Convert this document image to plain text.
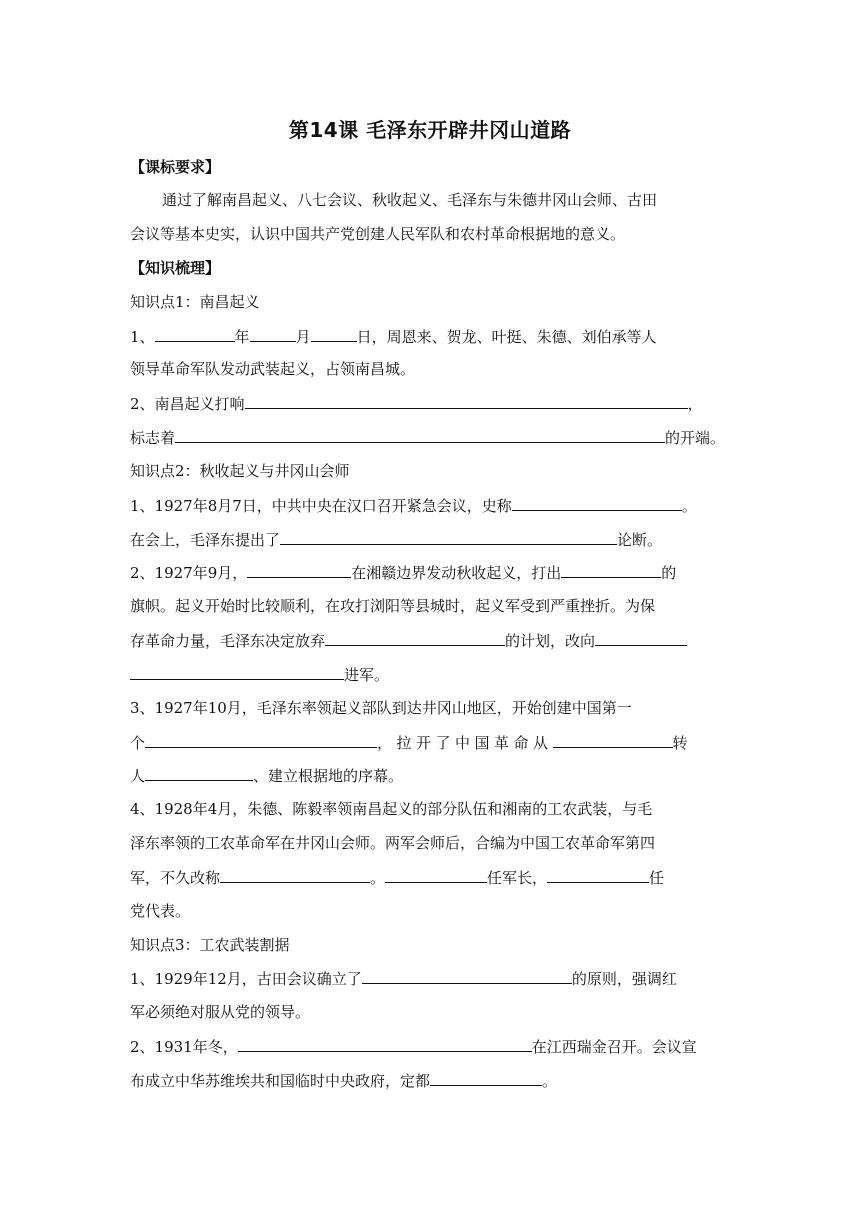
第14课 毛泽东开辟井冈山道路
【课标要求】
通过了解南昌起义、八七会议、秋收起义、毛泽东与朱德井冈山会师、古田
会议等基本史实，认识中国共产党创建人民军队和农村革命根据地的意义。
【知识梳理】
知识点1：南昌起义
1、	年	月	日，周恩来、贺龙、叶挺、朱德、刘伯承等人
领导革命军队发动武装起义，占领南昌城。
2、南昌起义打响	，
标志着	的开端。
知识点2：秋收起义与井冈山会师
1、1927年8月7日，中共中央在汉口召开紧急会议，史称	。
在会上，毛泽东提出了	论断。
2、1927年9月，	在湘赣边界发动秋收起义，打出	的
旗帜。起义开始时比较顺利，在攻打浏阳等县城时，起义军受到严重挫折。为保
存革命力量，毛泽东决定放弃	的计划，改向
进军。
3、1927年10月，毛泽东率领起义部队到达井冈山地区，开始创建中国第一
个	，拉开了中国革命从	转
人	、建立根据地的序幕。
4、1928年4月，朱德、陈毅率领南昌起义的部分队伍和湘南的工农武装，与毛
泽东率领的工农革命军在井冈山会师。两军会师后，合编为中国工农革命军第四
军，不久改称	。	任军长，	任
党代表。
知识点3：工农武装割据
1、1929年12月，古田会议确立了	的原则，强调红
军必须绝对服从党的领导。
2、1931年冬，	在江西瑞金召开。会议宣
布成立中华苏维埃共和国临时中央政府，定都	。
